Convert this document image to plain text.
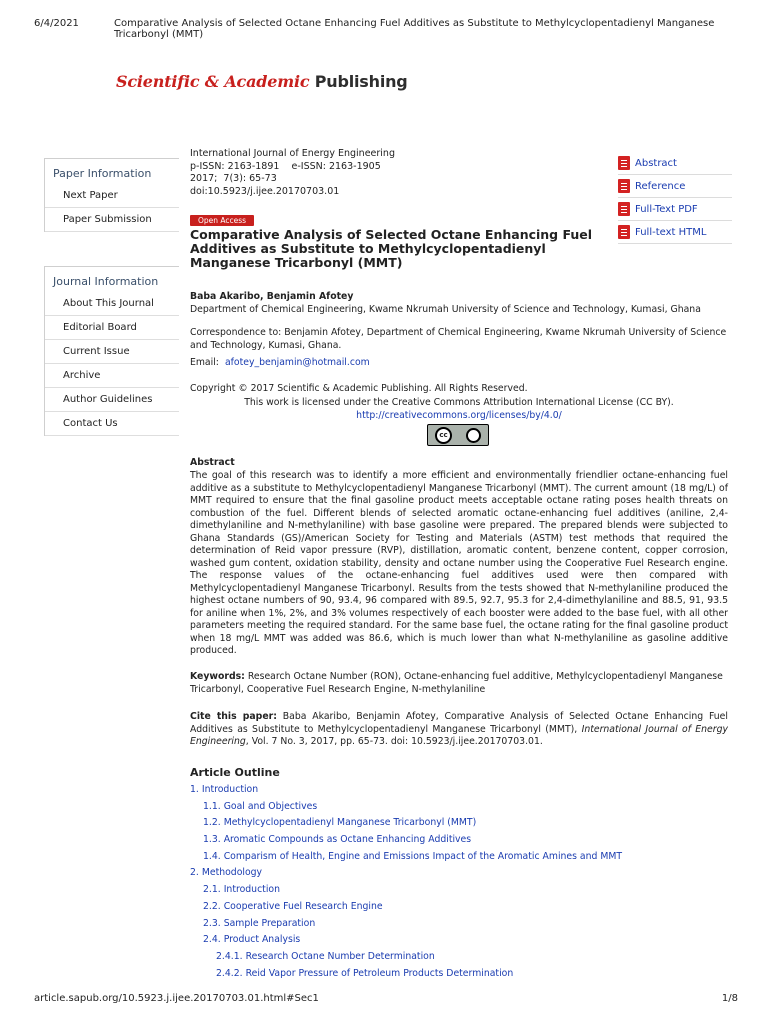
6/4/2021	Comparative Analysis of Selected Octane Enhancing Fuel Additives as Substitute to Methylcyclopentadienyl Manganese Tricarbonyl (MMT)
Scientific & Academic Publishing
Paper Information
Next Paper
Paper Submission
Journal Information
About This Journal
Editorial Board
Current Issue
Archive
Author Guidelines
Contact Us
International Journal of Energy Engineering
p-ISSN: 2163-1891    e-ISSN: 2163-1905
2017;  7(3): 65-73
doi:10.5923/j.ijee.20170703.01
Open Access
Comparative Analysis of Selected Octane Enhancing Fuel Additives as Substitute to Methylcyclopentadienyl Manganese Tricarbonyl (MMT)
Abstract
Reference
Full-Text PDF
Full-text HTML
Baba Akaribo, Benjamin Afotey
Department of Chemical Engineering, Kwame Nkrumah University of Science and Technology, Kumasi, Ghana
Correspondence to: Benjamin Afotey, Department of Chemical Engineering, Kwame Nkrumah University of Science and Technology, Kumasi, Ghana.
Email: afotey_benjamin@hotmail.com
Copyright © 2017 Scientific & Academic Publishing. All Rights Reserved.
This work is licensed under the Creative Commons Attribution International License (CC BY).
http://creativecommons.org/licenses/by/4.0/
cc
Abstract
The goal of this research was to identify a more efficient and environmentally friendlier octane-enhancing fuel additive as a substitute to Methylcyclopentadienyl Manganese Tricarbonyl (MMT). The current amount (18 mg/L) of MMT required to ensure that the final gasoline product meets acceptable octane rating poses health threats on combustion of the fuel. Different blends of selected aromatic octane-enhancing fuel additives (aniline, 2,4-dimethylaniline and N-methylaniline) with base gasoline were prepared. The prepared blends were subjected to Ghana Standards (GS)/American Society for Testing and Materials (ASTM) test methods that required the determination of Reid vapor pressure (RVP), distillation, aromatic content, benzene content, copper corrosion, washed gum content, oxidation stability, density and octane number using the Cooperative Fuel Research engine. The response values of the octane-enhancing fuel additives used were then compared with Methylcyclopentadienyl Manganese Tricarbonyl. Results from the tests showed that N-methylaniline produced the highest octane numbers of 90, 93.4, 96 compared with 89.5, 92.7, 95.3 for 2,4-dimethylaniline and 88.5, 91, 93.5 for aniline when 1%, 2%, and 3% volumes respectively of each booster were added to the base fuel, with all other parameters meeting the required standard. For the same base fuel, the octane rating for the final gasoline product when 18 mg/L MMT was added was 86.6, which is much lower than what N-methylaniline as gasoline additive produced.
Keywords: Research Octane Number (RON), Octane-enhancing fuel additive, Methylcyclopentadienyl Manganese Tricarbonyl, Cooperative Fuel Research Engine, N-methylaniline
Cite this paper: Baba Akaribo, Benjamin Afotey, Comparative Analysis of Selected Octane Enhancing Fuel Additives as Substitute to Methylcyclopentadienyl Manganese Tricarbonyl (MMT), International Journal of Energy Engineering, Vol. 7 No. 3, 2017, pp. 65-73. doi: 10.5923/j.ijee.20170703.01.
Article Outline
1. Introduction
1.1. Goal and Objectives
1.2. Methylcyclopentadienyl Manganese Tricarbonyl (MMT)
1.3. Aromatic Compounds as Octane Enhancing Additives
1.4. Comparism of Health, Engine and Emissions Impact of the Aromatic Amines and MMT
2. Methodology
2.1. Introduction
2.2. Cooperative Fuel Research Engine
2.3. Sample Preparation
2.4. Product Analysis
2.4.1. Research Octane Number Determination
2.4.2. Reid Vapor Pressure of Petroleum Products Determination
article.sapub.org/10.5923.j.ijee.20170703.01.html#Sec1	1/8
